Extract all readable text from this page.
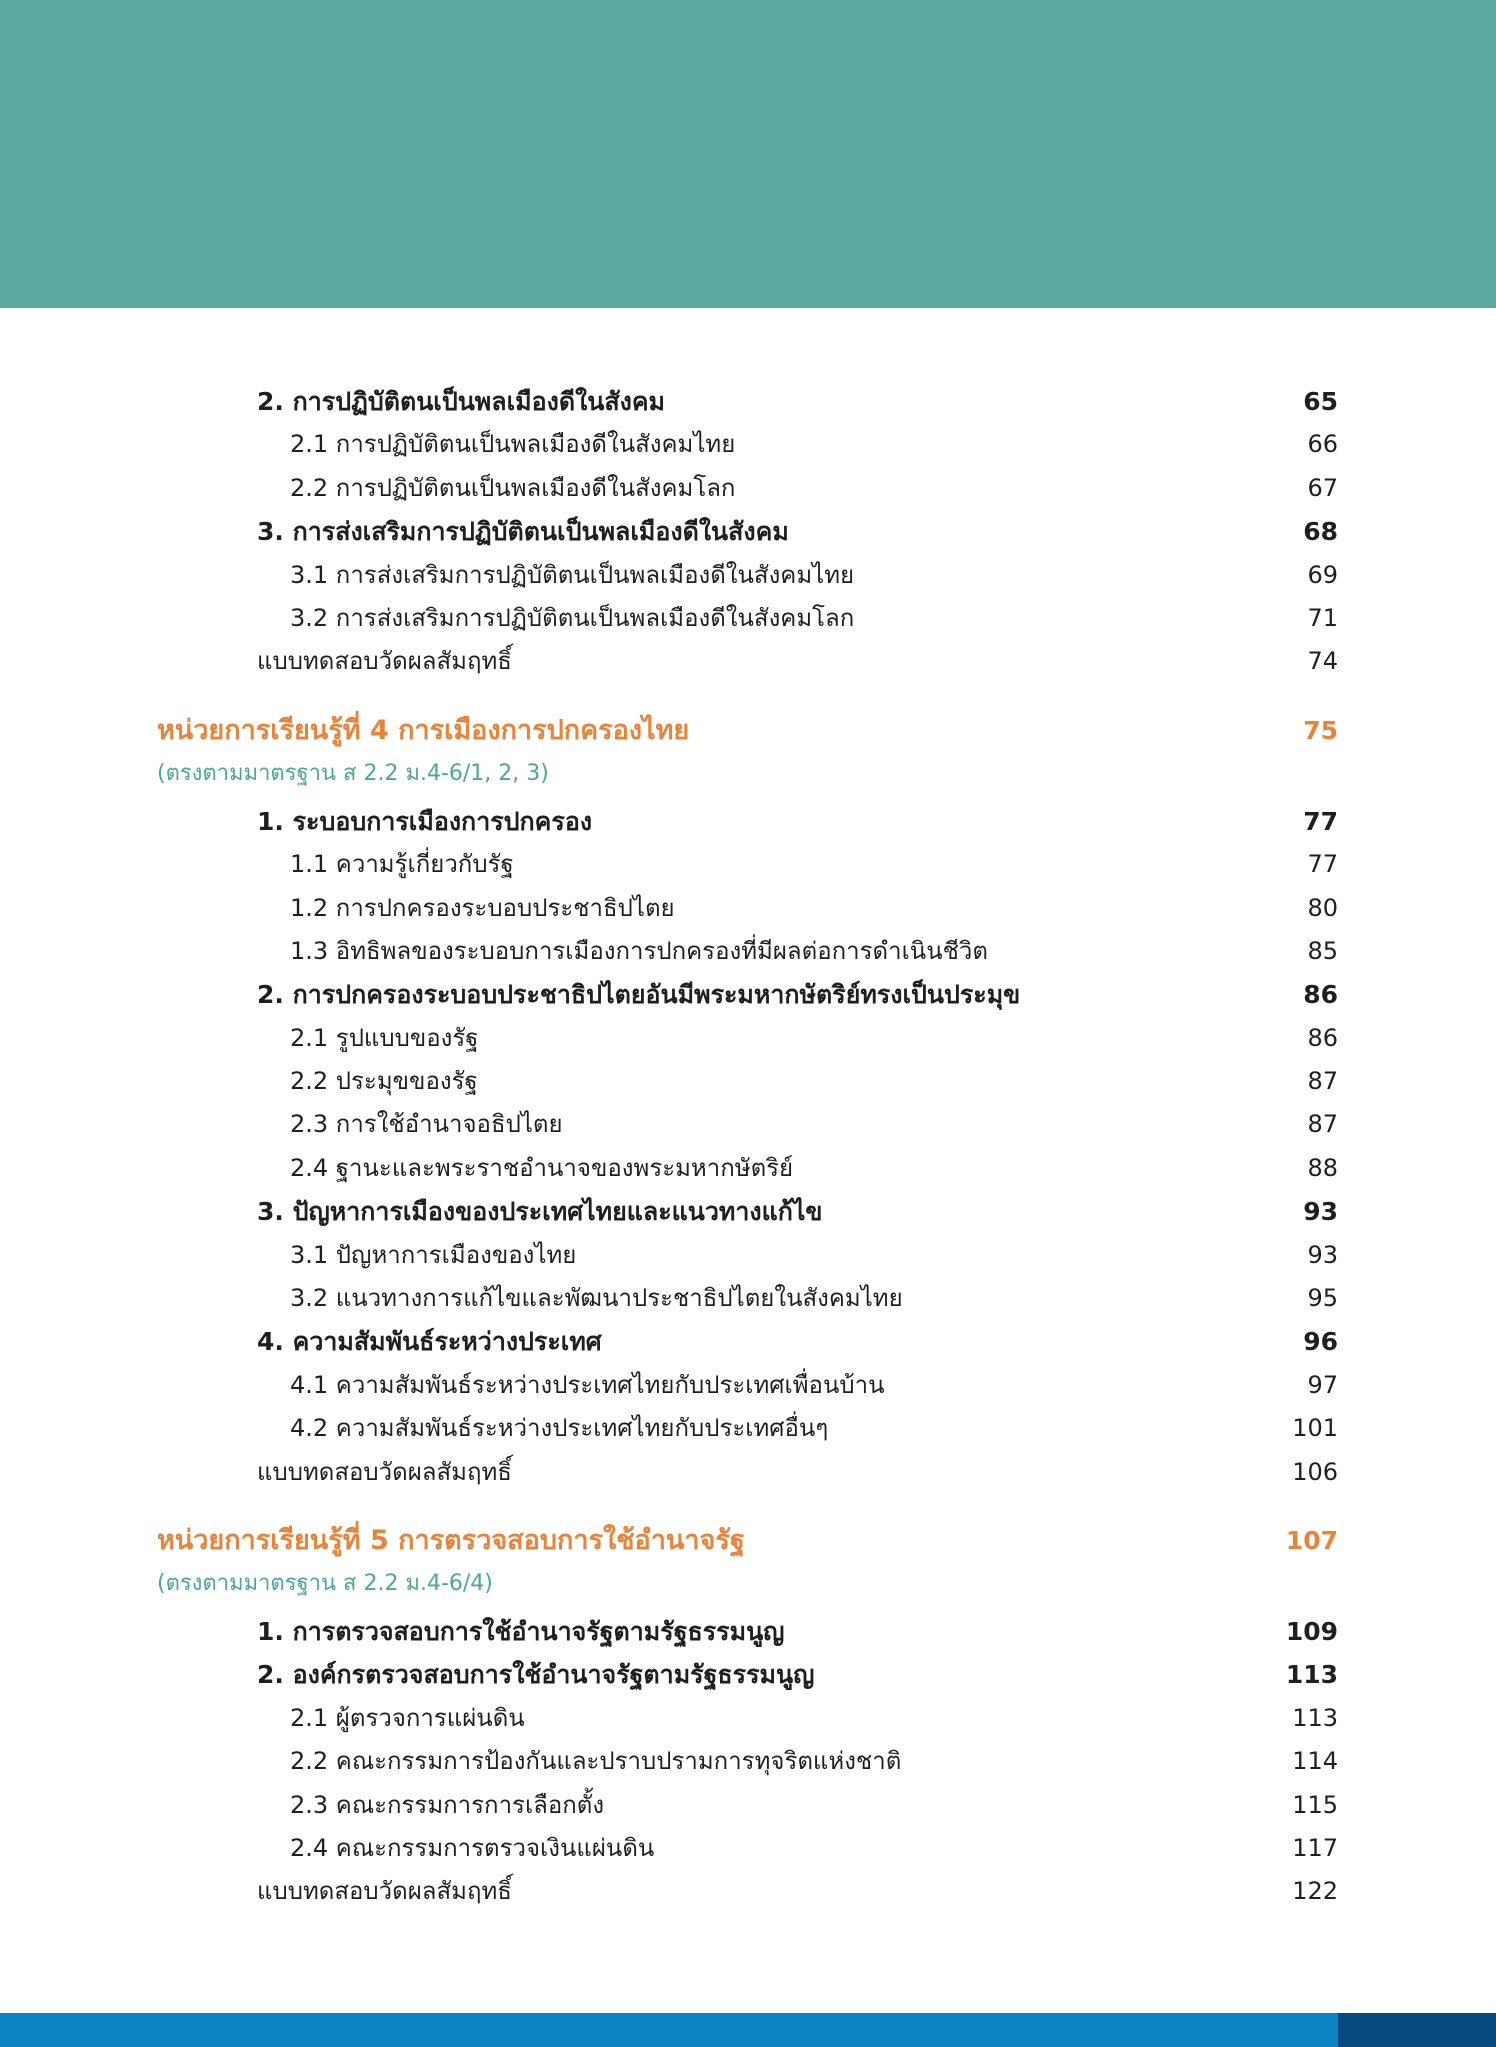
2. การปฏิบัติตนเป็นพลเมืองดีในสังคม	65
2.1 การปฏิบัติตนเป็นพลเมืองดีในสังคมไทย	66
2.2 การปฏิบัติตนเป็นพลเมืองดีในสังคมโลก	67
3. การส่งเสริมการปฏิบัติตนเป็นพลเมืองดีในสังคม	68
3.1 การส่งเสริมการปฏิบัติตนเป็นพลเมืองดีในสังคมไทย	69
3.2 การส่งเสริมการปฏิบัติตนเป็นพลเมืองดีในสังคมโลก	71
แบบทดสอบวัดผลสัมฤทธิ์	74
หน่วยการเรียนรู้ที่ 4 การเมืองการปกครองไทย	75
(ตรงตามมาตรฐาน ส 2.2 ม.4-6/1, 2, 3)
1. ระบอบการเมืองการปกครอง	77
1.1 ความรู้เกี่ยวกับรัฐ	77
1.2 การปกครองระบอบประชาธิปไตย	80
1.3 อิทธิพลของระบอบการเมืองการปกครองที่มีผลต่อการดำเนินชีวิต	85
2. การปกครองระบอบประชาธิปไตยอันมีพระมหากษัตริย์ทรงเป็นประมุข	86
2.1 รูปแบบของรัฐ	86
2.2 ประมุขของรัฐ	87
2.3 การใช้อำนาจอธิปไตย	87
2.4 ฐานะและพระราชอำนาจของพระมหากษัตริย์	88
3. ปัญหาการเมืองของประเทศไทยและแนวทางแก้ไข	93
3.1 ปัญหาการเมืองของไทย	93
3.2 แนวทางการแก้ไขและพัฒนาประชาธิปไตยในสังคมไทย	95
4. ความสัมพันธ์ระหว่างประเทศ	96
4.1 ความสัมพันธ์ระหว่างประเทศไทยกับประเทศเพื่อนบ้าน	97
4.2 ความสัมพันธ์ระหว่างประเทศไทยกับประเทศอื่นๆ	101
แบบทดสอบวัดผลสัมฤทธิ์	106
หน่วยการเรียนรู้ที่ 5 การตรวจสอบการใช้อำนาจรัฐ	107
(ตรงตามมาตรฐาน ส 2.2 ม.4-6/4)
1. การตรวจสอบการใช้อำนาจรัฐตามรัฐธรรมนูญ	109
2. องค์กรตรวจสอบการใช้อำนาจรัฐตามรัฐธรรมนูญ	113
2.1 ผู้ตรวจการแผ่นดิน	113
2.2 คณะกรรมการป้องกันและปราบปรามการทุจริตแห่งชาติ	114
2.3 คณะกรรมการการเลือกตั้ง	115
2.4 คณะกรรมการตรวจเงินแผ่นดิน	117
แบบทดสอบวัดผลสัมฤทธิ์	122
